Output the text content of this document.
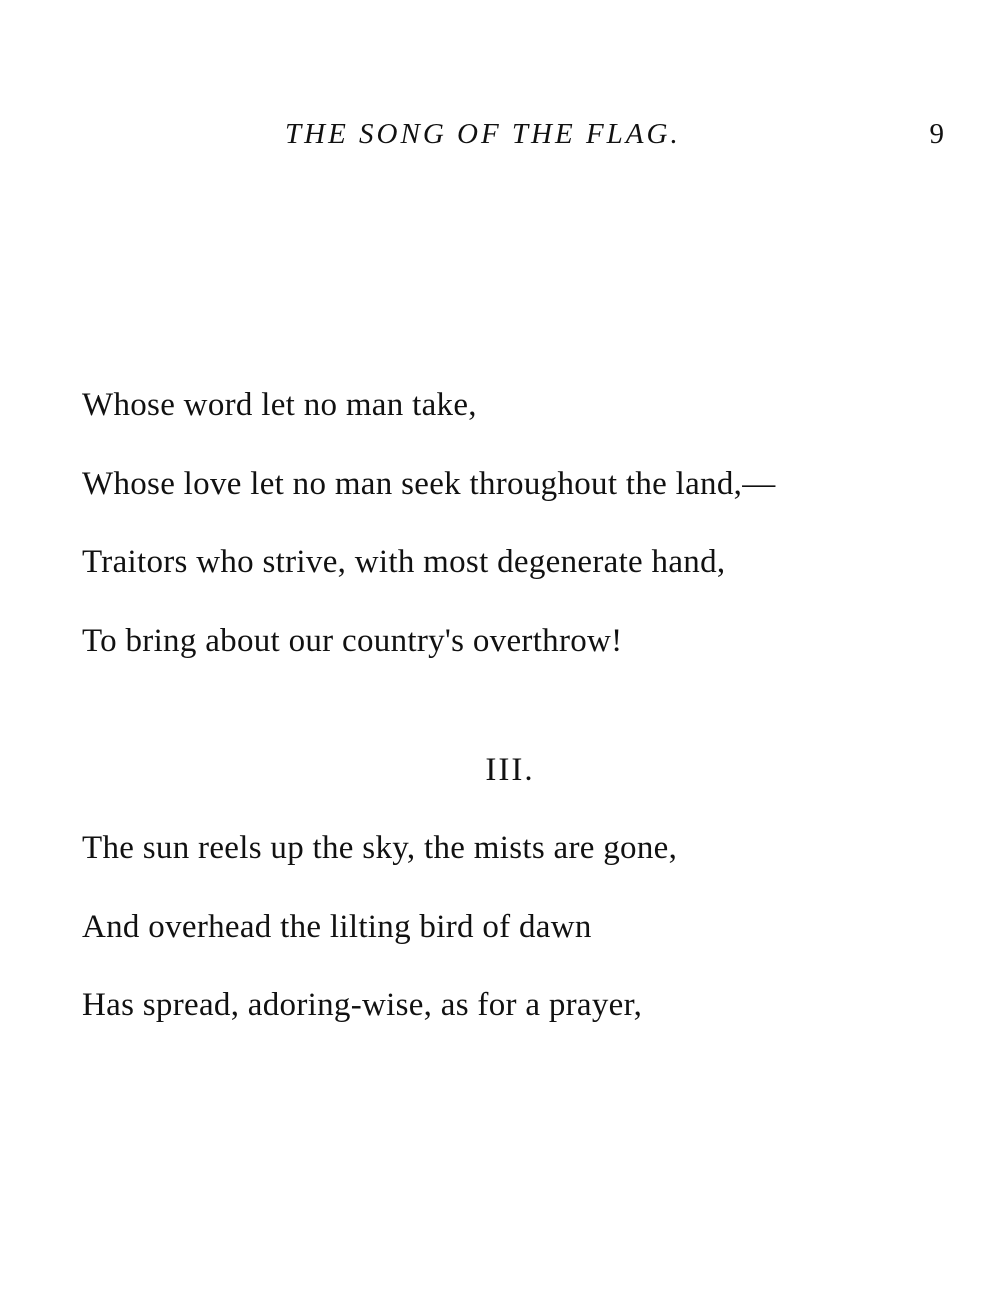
THE SONG OF THE FLAG.	9
Whose word let no man take,
Whose love let no man seek throughout the land,—
Traitors who strive, with most degenerate hand,
To bring about our country's overthrow!
III.
The sun reels up the sky, the mists are gone,
And overhead the lilting bird of dawn
Has spread, adoring-wise, as for a prayer,
